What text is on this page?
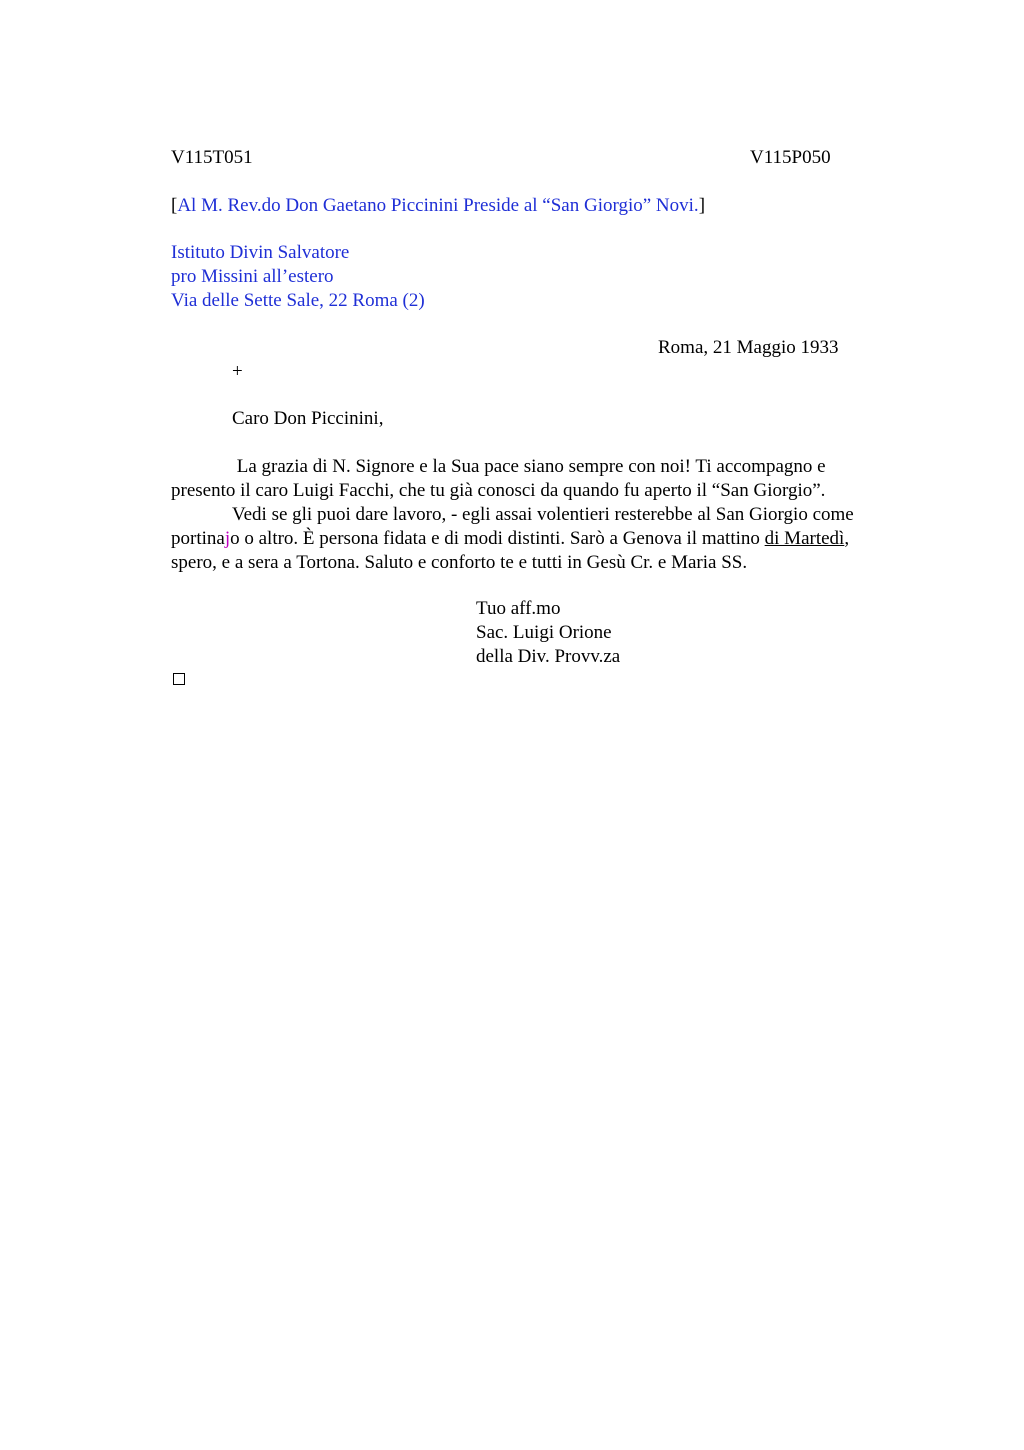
V115T051	V115P050
[Al M. Rev.do Don Gaetano Piccinini Preside al “San Giorgio” Novi.]
Istituto Divin Salvatore
pro Missini all’estero
Via delle Sette Sale, 22 Roma (2)
Roma, 21 Maggio 1933
+
Caro Don Piccinini,
La grazia di N. Signore e la Sua pace siano sempre con noi! Ti accompagno e
presento il caro Luigi Facchi, che tu già conosci da quando fu aperto il “San Giorgio”.
Vedi se gli puoi dare lavoro, - egli assai volentieri resterebbe al San Giorgio come
portinajo o altro. È persona fidata e di modi distinti. Sarò a Genova il mattino di Martedì,
spero, e a sera a Tortona. Saluto e conforto te e tutti in Gesù Cr. e Maria SS.
Tuo aff.mo
Sac. Luigi Orione
della Div. Provv.za
